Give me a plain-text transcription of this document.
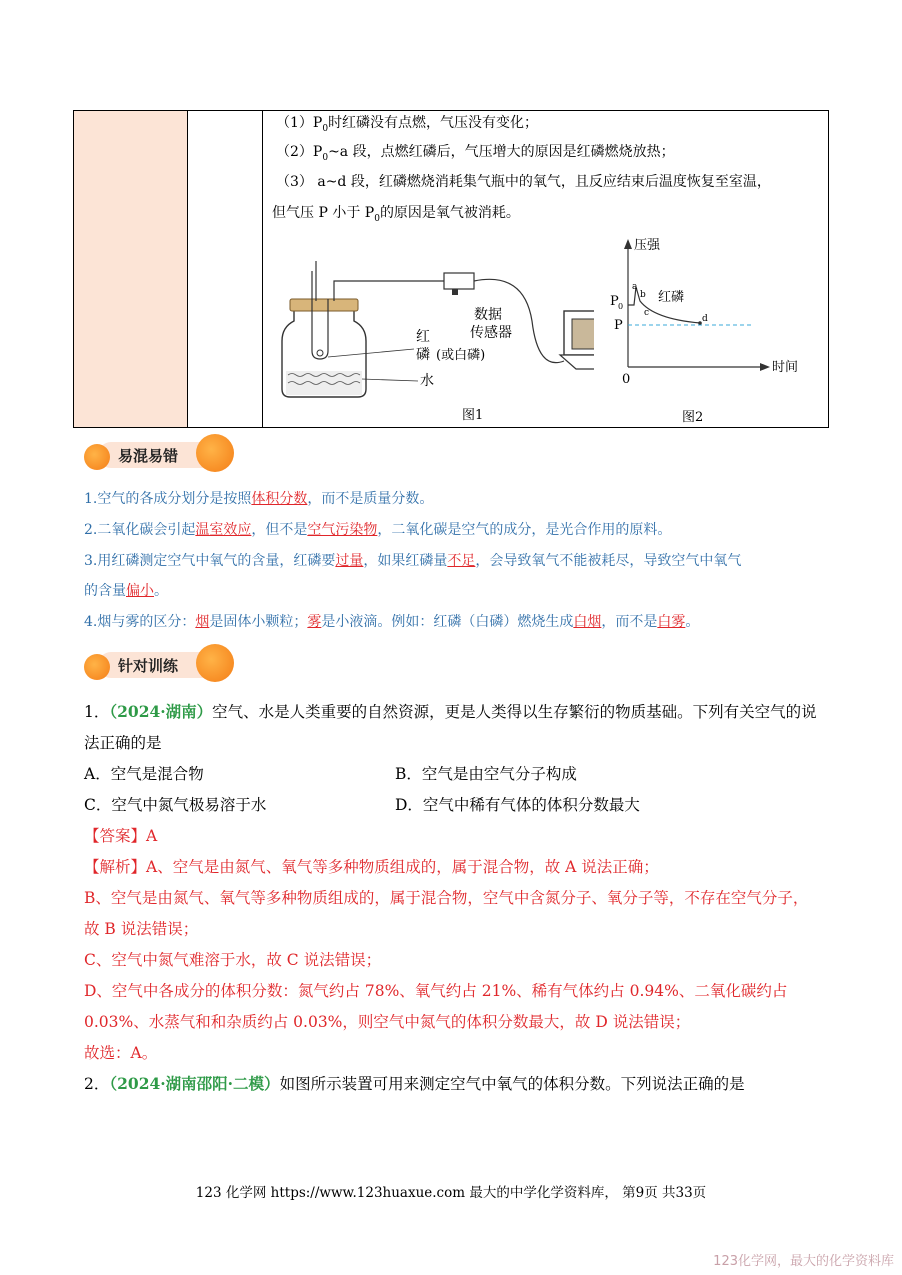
$(1)P_0$时红磷没有点燃，气压没有变化；
$(2)P_0\sim a$ 段，点燃红磷后，气压增大的原因是红磷燃烧放热；
（3） a~d 段，红磷燃烧消耗集气瓶中的氧气，且反应结束后温度恢复至室温，
但气压 P 小于 $P_0$的原因是氧气被消耗。
数据
传感器
红
磷 (或白磷)
水
图1
压强
时间
P 0
P
0
a
b
c
d
红磷
图2
易混易错
1.空气的各成分划分是按照体积分数，而不是质量分数。
2.二氧化碳会引起温室效应，但不是空气污染物，二氧化碳是空气的成分，是光合作用的原料。
3.用红磷测定空气中氧气的含量，红磷要过量，如果红磷量不足，会导致氧气不能被耗尽，导致空气中氧气
的含量偏小。
4.烟与雾的区分：烟是固体小颗粒；雾是小液滴。例如：红磷（白磷）燃烧生成白烟，而不是白雾。
针对训练
1．（2024·湖南）空气、水是人类重要的自然资源，更是人类得以生存繁衍的物质基础。下列有关空气的说
法正确的是
A．空气是混合物	B．空气是由空气分子构成
C．空气中氮气极易溶于水	D．空气中稀有气体的体积分数最大
【答案】A
【解析】A、空气是由氮气、氧气等多种物质组成的，属于混合物，故 A 说法正确；
B、空气是由氮气、氧气等多种物质组成的，属于混合物，空气中含氮分子、氧分子等，不存在空气分子，
故 B 说法错误；
C、空气中氮气难溶于水，故 C 说法错误；
D、空气中各成分的体积分数：氮气约占 78%、氧气约占 21%、稀有气体约占 0.94%、二氧化碳约占
0.03%、水蒸气和和杂质约占 0.03%，则空气中氮气的体积分数最大，故 D 说法错误；
故选：A。
2．（2024·湖南邵阳·二模）如图所示装置可用来测定空气中氧气的体积分数。下列说法正确的是
123 化学网 https://www.123huaxue.com 最大的中学化学资料库， 第9页 共33页
123化学网，最大的化学资料库
